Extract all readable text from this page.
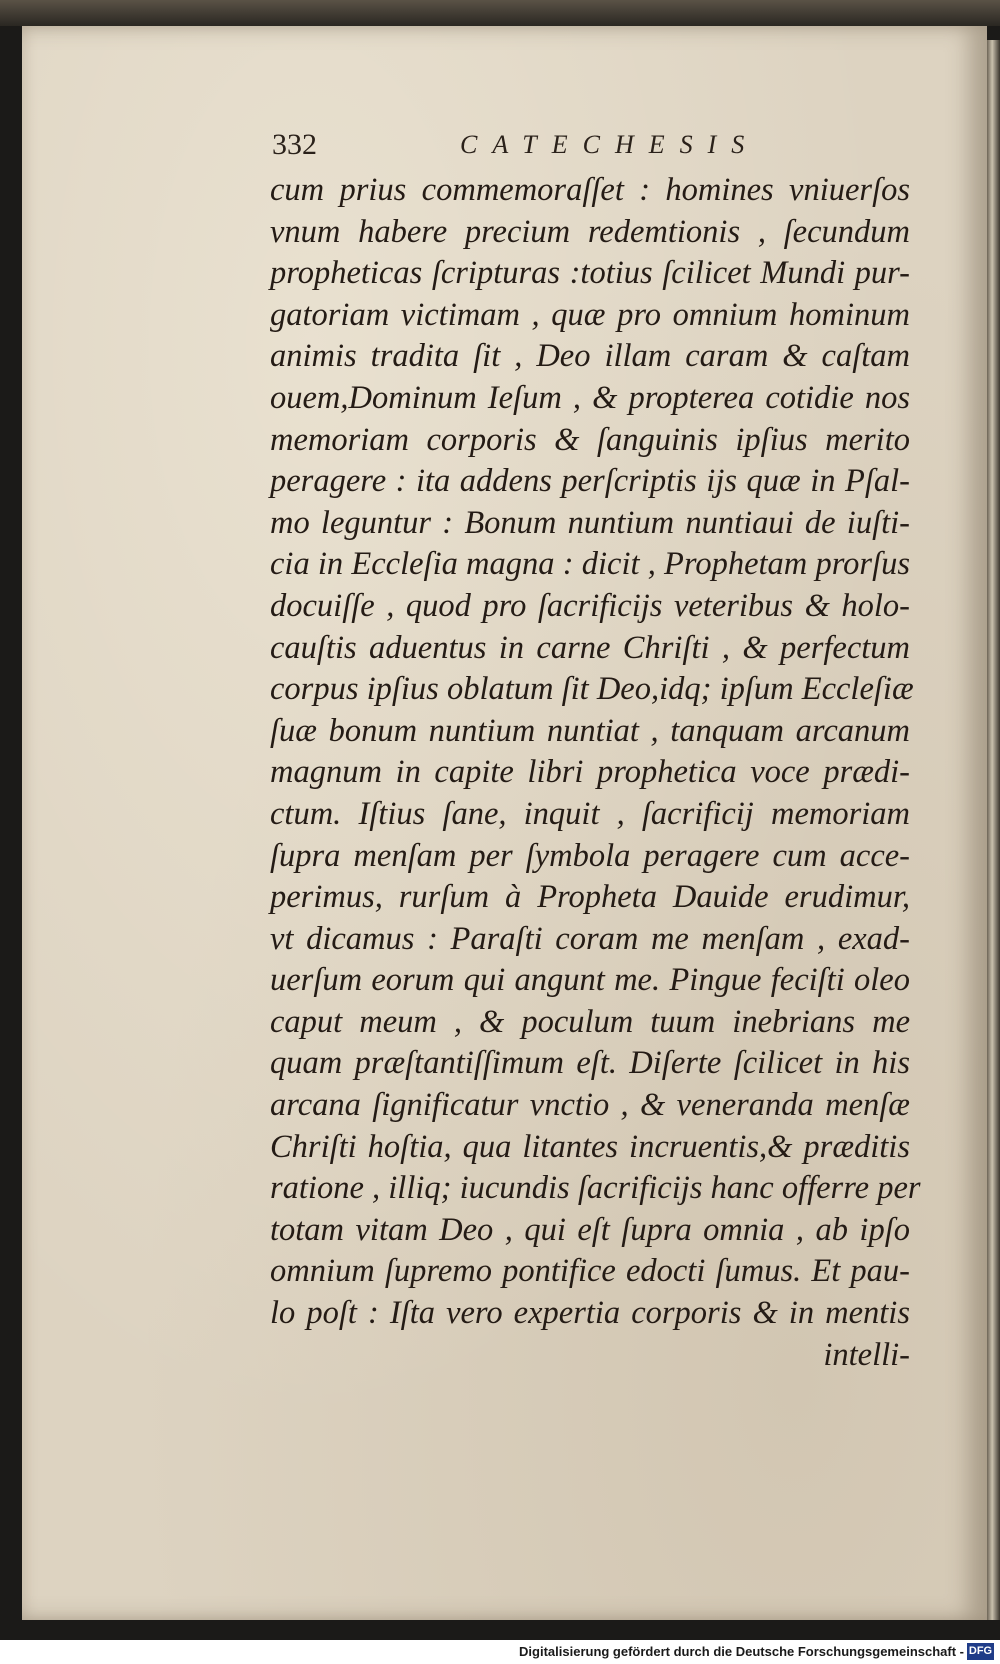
332	CATECHESIS
cum prius commemoraſſet : homines vniuerſos
vnum habere precium redemtionis , ſecundum
propheticas ſcripturas :totius ſcilicet Mundi pur-
gatoriam victimam , quæ pro omnium hominum
animis tradita ſit , Deo illam caram & caſtam
ouem,Dominum Ieſum , & propterea cotidie nos
memoriam corporis & ſanguinis ipſius merito
peragere : ita addens perſcriptis ijs quæ in Pſal-
mo leguntur : Bonum nuntium nuntiaui de iuſti-
cia in Eccleſia magna : dicit , Prophetam prorſus
docuiſſe , quod pro ſacrificijs veteribus & holo-
cauſtis aduentus in carne Chriſti , & perfectum
corpus ipſius oblatum ſit Deo,idq; ipſum Eccleſiæ
ſuæ bonum nuntium nuntiat , tanquam arcanum
magnum in capite libri prophetica voce prædi-
ctum. Iſtius ſane, inquit , ſacrificij memoriam
ſupra menſam per ſymbola peragere cum acce-
perimus, rurſum à Propheta Dauide erudimur,
vt dicamus : Paraſti coram me menſam , exad-
uerſum eorum qui angunt me. Pingue feciſti oleo
caput meum , & poculum tuum inebrians me
quam præſtantiſſimum eſt. Diſerte ſcilicet in his
arcana ſignificatur vnctio , & veneranda menſæ
Chriſti hoſtia, qua litantes incruentis,& præditis
ratione , illiq; iucundis ſacrificijs hanc offerre per
totam vitam Deo , qui eſt ſupra omnia , ab ipſo
omnium ſupremo pontifice edocti ſumus. Et pau-
lo poſt : Iſta vero expertia corporis & in mentis
intelli-
Digitalisierung gefördert durch die Deutsche Forschungsgemeinschaft - DFG
